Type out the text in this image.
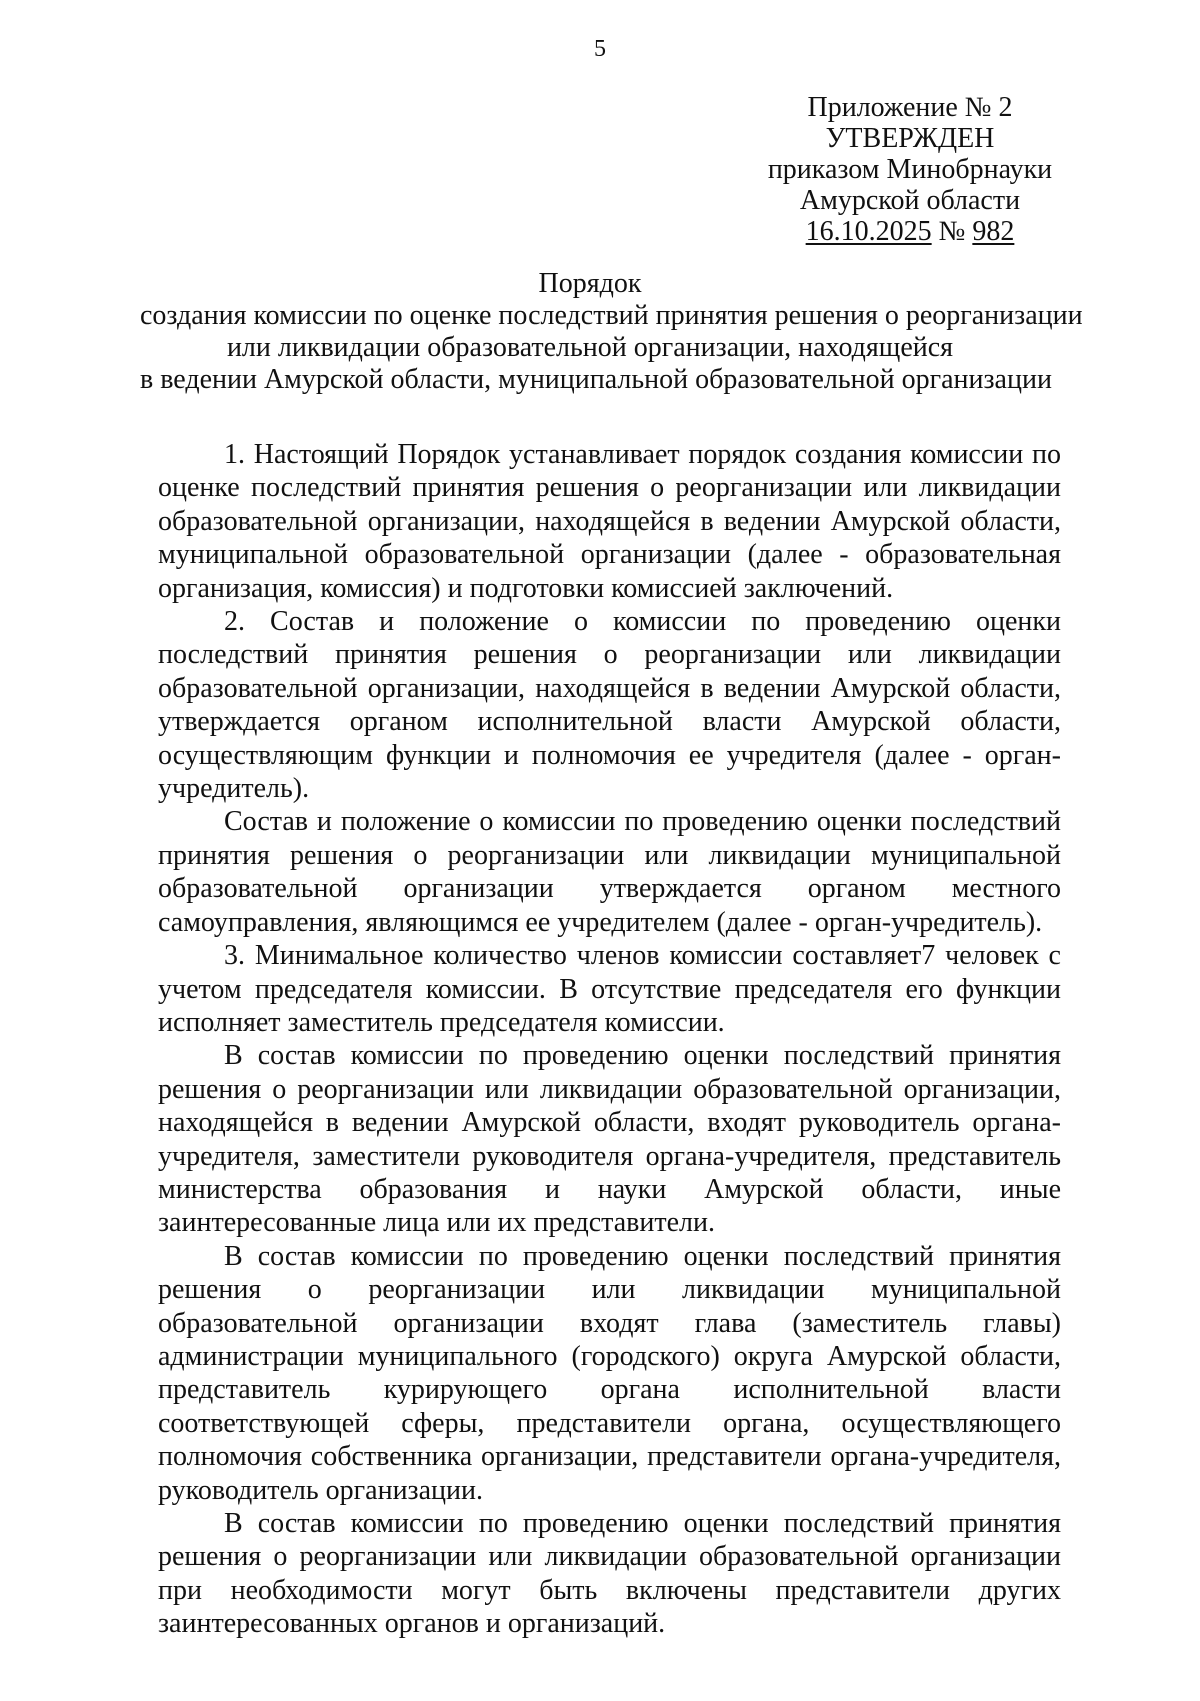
5
Приложение № 2
УТВЕРЖДЕН
приказом Минобрнауки
Амурской области
16.10.2025 № 982
Порядок
создания комиссии по оценке последствий принятия решения о реорганизации
или ликвидации образовательной организации, находящейся
в ведении Амурской области, муниципальной образовательной организации

1. Настоящий Порядок устанавливает порядок создания комиссии по оценке последствий принятия решения о реорганизации или ликвидации образовательной организации, находящейся в ведении Амурской области, муниципальной образовательной организации (далее - образовательная организация, комиссия) и подготовки комиссией заключений.

2. Состав и положение о комиссии по проведению оценки последствий принятия решения о реорганизации или ликвидации образовательной организации, находящейся в ведении Амурской области, утверждается органом исполнительной власти Амурской области, осуществляющим функции и полномочия ее учредителя (далее - орган-учредитель).

Состав и положение о комиссии по проведению оценки последствий принятия решения о реорганизации или ликвидации муниципальной образовательной организации утверждается органом местного самоуправления, являющимся ее учредителем (далее - орган-учредитель).

3. Минимальное количество членов комиссии составляет7 человек с учетом председателя комиссии. В отсутствие председателя его функции исполняет заместитель председателя комиссии.

В состав комиссии по проведению оценки последствий принятия решения о реорганизации или ликвидации образовательной организации, находящейся в ведении Амурской области, входят руководитель органа-учредителя, заместители руководителя органа-учредителя, представитель министерства образования и науки Амурской области, иные заинтересованные лица или их представители.

В состав комиссии по проведению оценки последствий принятия решения о реорганизации или ликвидации муниципальной образовательной организации входят глава (заместитель главы) администрации муниципального (городского) округа Амурской области, представитель курирующего органа исполнительной власти соответствующей сферы, представители органа, осуществляющего полномочия собственника организации, представители органа-учредителя, руководитель организации.

В состав комиссии по проведению оценки последствий принятия решения о реорганизации или ликвидации образовательной организации при необходимости могут быть включены представители других заинтересованных органов и организаций.
